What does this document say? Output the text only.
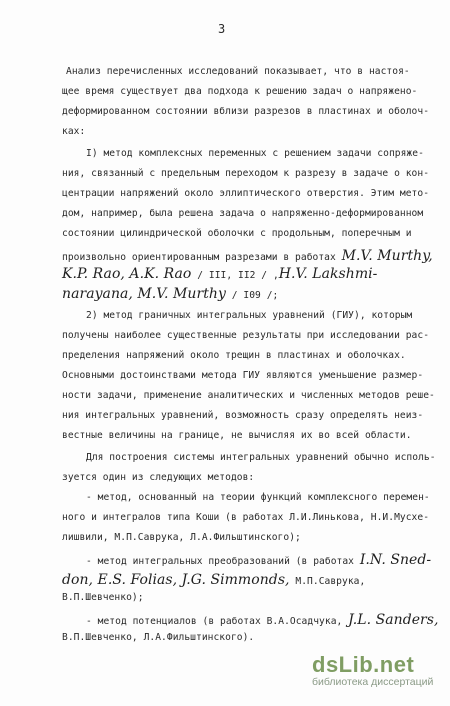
3
Анализ перечисленных исследований показывает, что в настоя-
щее время существует два подхода к решению задач о напряжено-
деформированном состоянии вблизи разрезов в пластинах и оболоч-
ках:
I) метод комплексных переменных с решением задачи сопряже-
ния, связанный с предельным переходом к разрезу в задаче о кон-
центрации напряжений около эллиптического отверстия. Этим мето-
дом, например, была решена задача о напряженно-деформированном
состоянии цилиндрической оболочки с продольным, поперечным и
произвольно ориентированным разрезами в работах M.V. Murthy,
K.P. Rao, A.K. Rao / III, II2 / ,H.V. Lakshmi-
narayana, M.V. Murthy / I09 /;
2) метод граничных интегральных уравнений (ГИУ), которым
получены наиболее существенные результаты при исследовании рас-
пределения напряжений около трещин в пластинах и оболочках.
Основными достоинствами метода ГИУ являются уменьшение размер-
ности задачи, применение аналитических и численных методов реше-
ния интегральных уравнений, возможность сразу определять неиз-
вестные величины на границе, не вычисляя их во всей области.
Для построения системы интегральных уравнений обычно исполь-
зуется один из следующих методов:
- метод, основанный на теории функций комплексного перемен-
ного и интегралов типа Коши (в работах Л.И.Линькова, Н.И.Мусхе-
лишвили, М.П.Саврука, Л.А.Фильштинского);
- метод интегральных преобразований (в работах I.N. Sned-
don, E.S. Folias, J.G. Simmonds, М.П.Саврука,
В.П.Шевченко);
- метод потенциалов (в работах В.А.Осадчука, J.L. Sanders,
В.П.Шевченко, Л.А.Фильштинского).
dsLib.net
библиотека диссертаций
